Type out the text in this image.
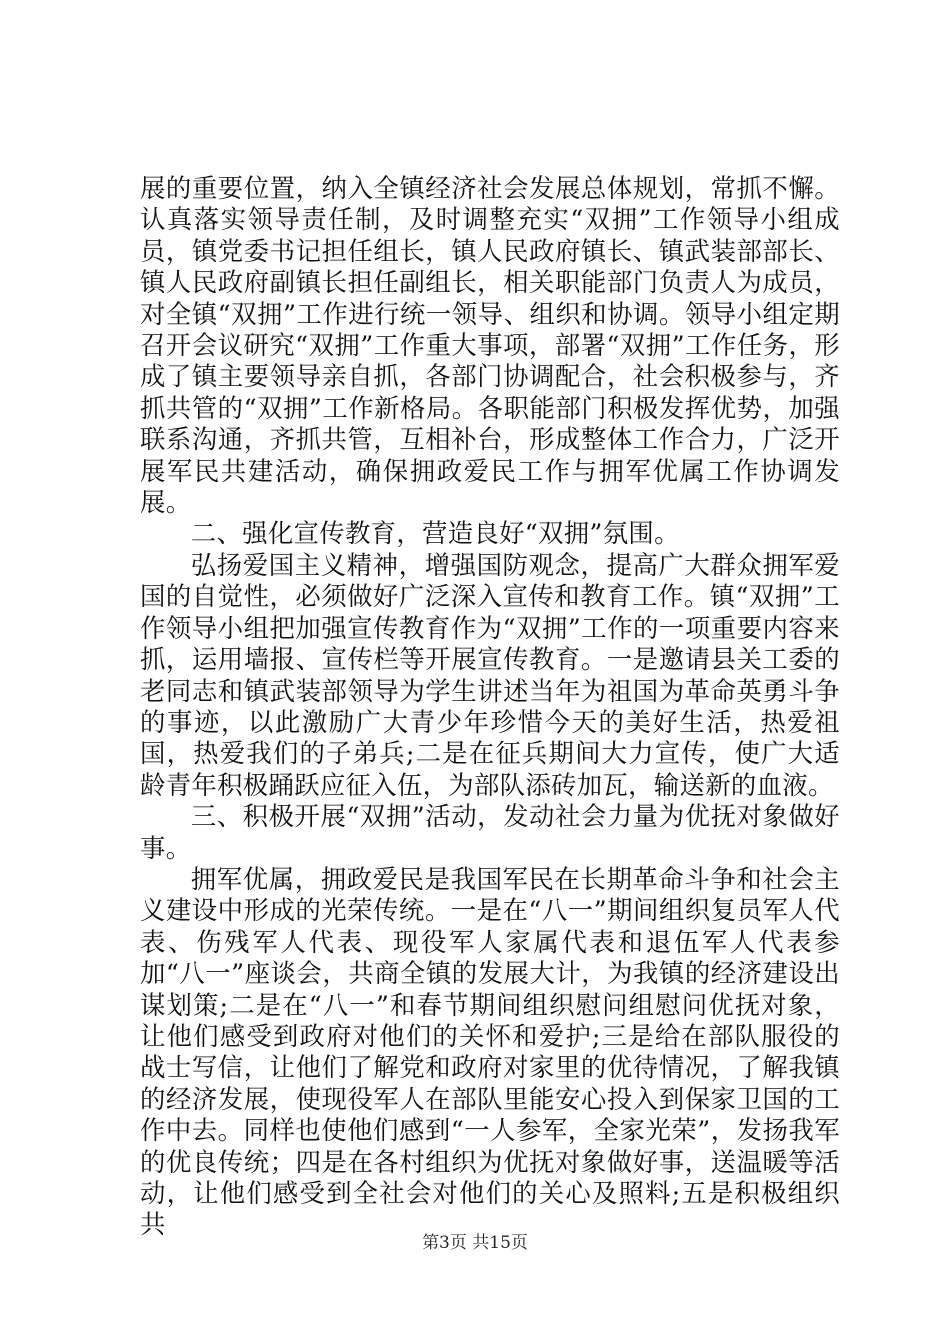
展的重要位置，纳入全镇经济社会发展总体规划，常抓不懈。认真落实领导责任制，及时调整充实“双拥”工作领导小组成员，镇党委书记担任组长，镇人民政府镇长、镇武装部部长、镇人民政府副镇长担任副组长，相关职能部门负责人为成员，对全镇“双拥”工作进行统一领导、组织和协调。领导小组定期召开会议研究“双拥”工作重大事项，部署“双拥”工作任务，形成了镇主要领导亲自抓，各部门协调配合，社会积极参与，齐抓共管的“双拥”工作新格局。各职能部门积极发挥优势，加强联系沟通，齐抓共管，互相补台，形成整体工作合力，广泛开展军民共建活动，确保拥政爱民工作与拥军优属工作协调发展。

二、强化宣传教育，营造良好“双拥”氛围。

弘扬爱国主义精神，增强国防观念，提高广大群众拥军爱国的自觉性，必须做好广泛深入宣传和教育工作。镇“双拥”工作领导小组把加强宣传教育作为“双拥”工作的一项重要内容来抓，运用墙报、宣传栏等开展宣传教育。一是邀请县关工委的老同志和镇武装部领导为学生讲述当年为祖国为革命英勇斗争的事迹，以此激励广大青少年珍惜今天的美好生活，热爱祖国，热爱我们的子弟兵;二是在征兵期间大力宣传，使广大适龄青年积极踊跃应征入伍，为部队添砖加瓦，输送新的血液。

三、积极开展“双拥”活动，发动社会力量为优抚对象做好事。

拥军优属，拥政爱民是我国军民在长期革命斗争和社会主义建设中形成的光荣传统。一是在“八一”期间组织复员军人代表、伤残军人代表、现役军人家属代表和退伍军人代表参加“八一”座谈会，共商全镇的发展大计，为我镇的经济建设出谋划策;二是在“八一”和春节期间组织慰问组慰问优抚对象，让他们感受到政府对他们的关怀和爱护;三是给在部队服役的战士写信，让他们了解党和政府对家里的优待情况，了解我镇的经济发展，使现役军人在部队里能安心投入到保家卫国的工作中去。同样也使他们感到“一人参军，全家光荣”，发扬我军的优良传统；四是在各村组织为优抚对象做好事，送温暖等活动，让他们感受到全社会对他们的关心及照料;五是积极组织共

第3页 共15页
